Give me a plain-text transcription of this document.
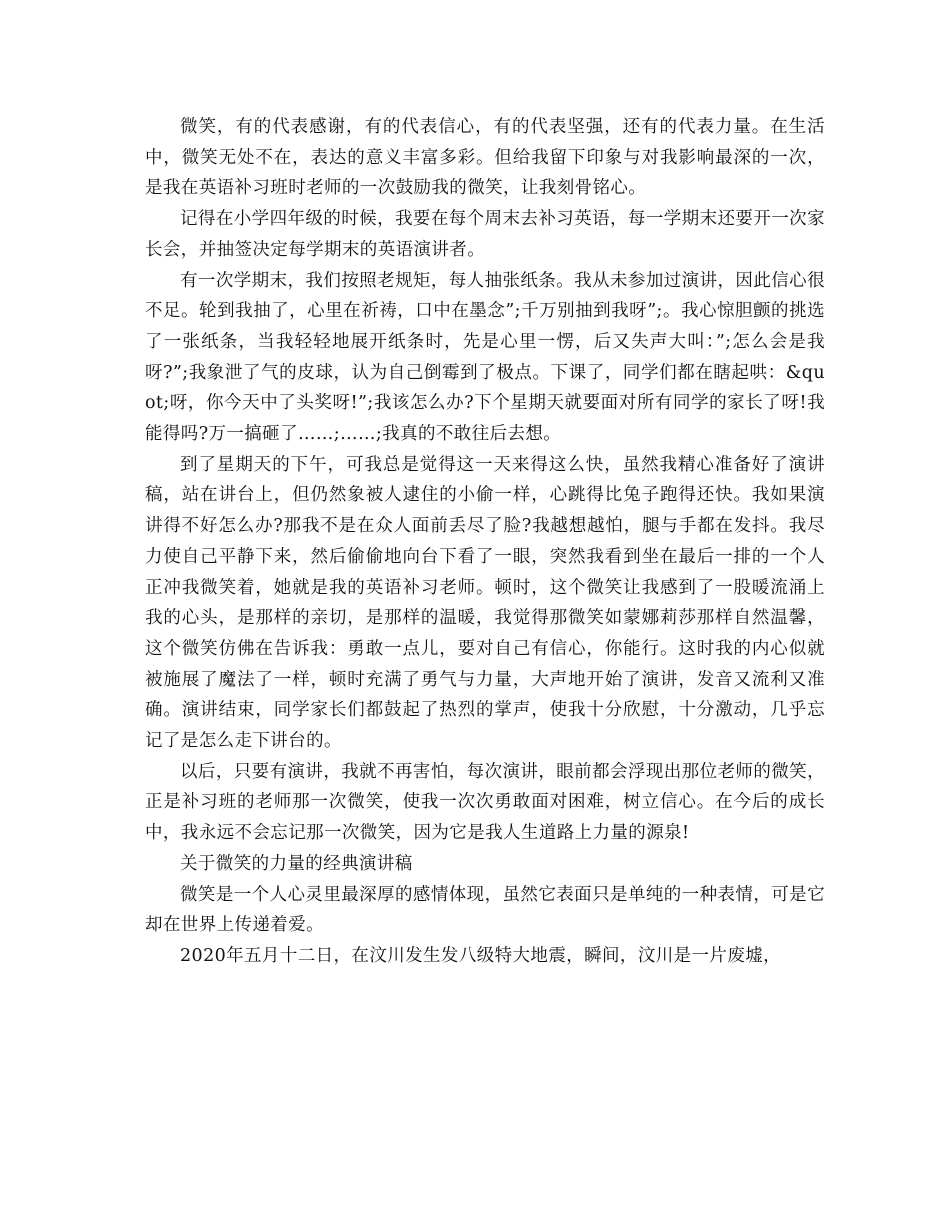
微笑，有的代表感谢，有的代表信心，有的代表坚强，还有的代表力量。在生活中，微笑无处不在，表达的意义丰富多彩。但给我留下印象与对我影响最深的一次，是我在英语补习班时老师的一次鼓励我的微笑，让我刻骨铭心。

记得在小学四年级的时候，我要在每个周末去补习英语，每一学期末还要开一次家长会，并抽签决定每学期末的英语演讲者。

有一次学期末，我们按照老规矩，每人抽张纸条。我从未参加过演讲，因此信心很不足。轮到我抽了，心里在祈祷，口中在墨念”;千万别抽到我呀”;。我心惊胆颤的挑选了一张纸条，当我轻轻地展开纸条时，先是心里一愣，后又失声大叫：”;怎么会是我呀?”;我象泄了气的皮球，认为自己倒霉到了极点。下课了，同学们都在瞎起哄：&quot;呀，你今天中了头奖呀!”;我该怎么办?下个星期天就要面对所有同学的家长了呀!我能得吗?万一搞砸了……;……;我真的不敢往后去想。

到了星期天的下午，可我总是觉得这一天来得这么快，虽然我精心准备好了演讲稿，站在讲台上，但仍然象被人逮住的小偷一样，心跳得比兔子跑得还快。我如果演讲得不好怎么办?那我不是在众人面前丢尽了脸?我越想越怕，腿与手都在发抖。我尽力使自己平静下来，然后偷偷地向台下看了一眼，突然我看到坐在最后一排的一个人正冲我微笑着，她就是我的英语补习老师。顿时，这个微笑让我感到了一股暖流涌上我的心头，是那样的亲切，是那样的温暖，我觉得那微笑如蒙娜莉莎那样自然温馨，这个微笑仿佛在告诉我：勇敢一点儿，要对自己有信心，你能行。这时我的内心似就被施展了魔法了一样，顿时充满了勇气与力量，大声地开始了演讲，发音又流利又准确。演讲结束，同学家长们都鼓起了热烈的掌声，使我十分欣慰，十分激动，几乎忘记了是怎么走下讲台的。

以后，只要有演讲，我就不再害怕，每次演讲，眼前都会浮现出那位老师的微笑，正是补习班的老师那一次微笑，使我一次次勇敢面对困难，树立信心。在今后的成长中，我永远不会忘记那一次微笑，因为它是我人生道路上力量的源泉!

关于微笑的力量的经典演讲稿

微笑是一个人心灵里最深厚的感情体现，虽然它表面只是单纯的一种表情，可是它却在世界上传递着爱。

2020年五月十二日，在汶川发生发八级特大地震，瞬间，汶川是一片废墟，
